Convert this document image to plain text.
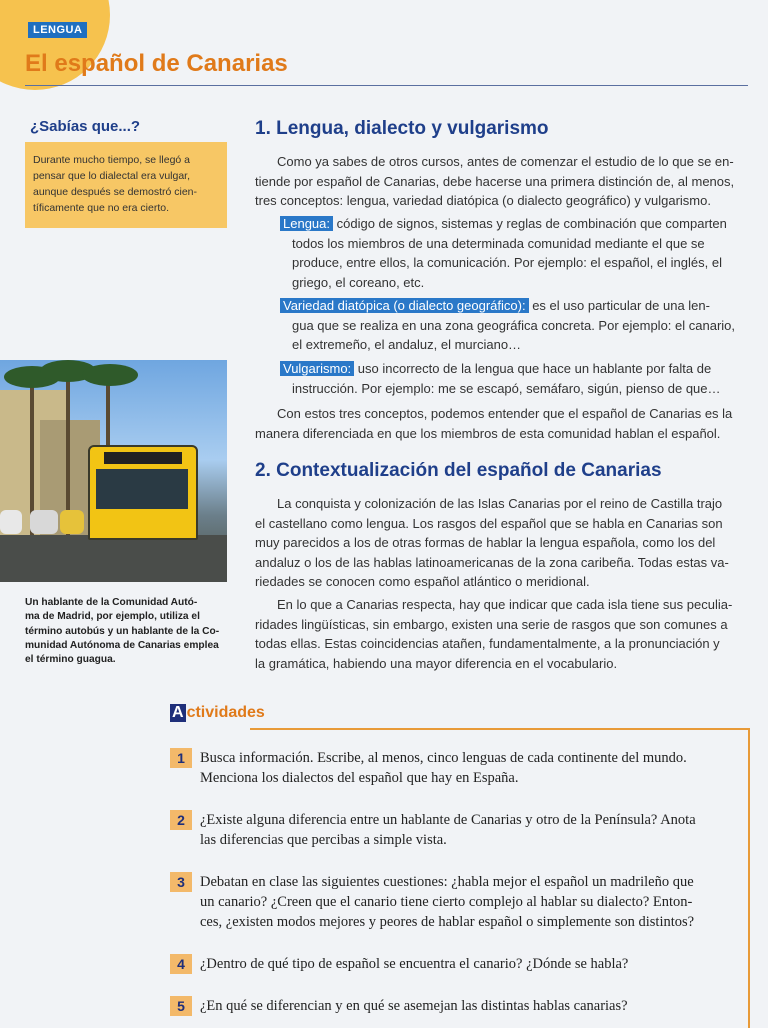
LENGUA
El español de Canarias
¿Sabías que...?
Durante mucho tiempo, se llegó a
pensar que lo dialectal era vulgar,
aunque después se demostró cien-
tíficamente que no era cierto.
Un hablante de la Comunidad Autó-
ma de Madrid, por ejemplo, utiliza el
término autobús y un hablante de la Co-
munidad Autónoma de Canarias emplea
el término guagua.
1. Lengua, dialecto y vulgarismo
Como ya sabes de otros cursos, antes de comenzar el estudio de lo que se en-
tiende por español de Canarias, debe hacerse una primera distinción de, al menos,
tres conceptos: lengua, variedad diatópica (o dialecto geográfico) y vulgarismo.
Lengua: código de signos, sistemas y reglas de combinación que comparten
todos los miembros de una determinada comunidad mediante el que se
produce, entre ellos, la comunicación. Por ejemplo: el español, el inglés, el
griego, el coreano, etc.
Variedad diatópica (o dialecto geográfico): es el uso particular de una len-
gua que se realiza en una zona geográfica concreta. Por ejemplo: el canario,
el extremeño, el andaluz, el murciano…
Vulgarismo: uso incorrecto de la lengua que hace un hablante por falta de
instrucción. Por ejemplo: me se escapó, semáfaro, sigún, pienso de que…
Con estos tres conceptos, podemos entender que el español de Canarias es la
manera diferenciada en que los miembros de esta comunidad hablan el español.
2. Contextualización del español de Canarias
La conquista y colonización de las Islas Canarias por el reino de Castilla trajo
el castellano como lengua. Los rasgos del español que se habla en Canarias son
muy parecidos a los de otras formas de hablar la lengua española, como los del
andaluz o los de las hablas latinoamericanas de la zona caribeña. Todas estas va-
riedades se conocen como español atlántico o meridional.
En lo que a Canarias respecta, hay que indicar que cada isla tiene sus peculia-
ridades lingüísticas, sin embargo, existen una serie de rasgos que son comunes a
todas ellas. Estas coincidencias atañen, fundamentalmente, a la pronunciación y
la gramática, habiendo una mayor diferencia en el vocabulario.
A ctividades
1	Busca información. Escribe, al menos, cinco lenguas de cada continente del mundo.
Menciona los dialectos del español que hay en España.
2	¿Existe alguna diferencia entre un hablante de Canarias y otro de la Península? Anota
las diferencias que percibas a simple vista.
3	Debatan en clase las siguientes cuestiones: ¿habla mejor el español un madrileño que
un canario? ¿Creen que el canario tiene cierto complejo al hablar su dialecto? Enton-
ces, ¿existen modos mejores y peores de hablar español o simplemente son distintos?
4	¿Dentro de qué tipo de español se encuentra el canario? ¿Dónde se habla?
5	¿En qué se diferencian y en qué se asemejan las distintas hablas canarias?
